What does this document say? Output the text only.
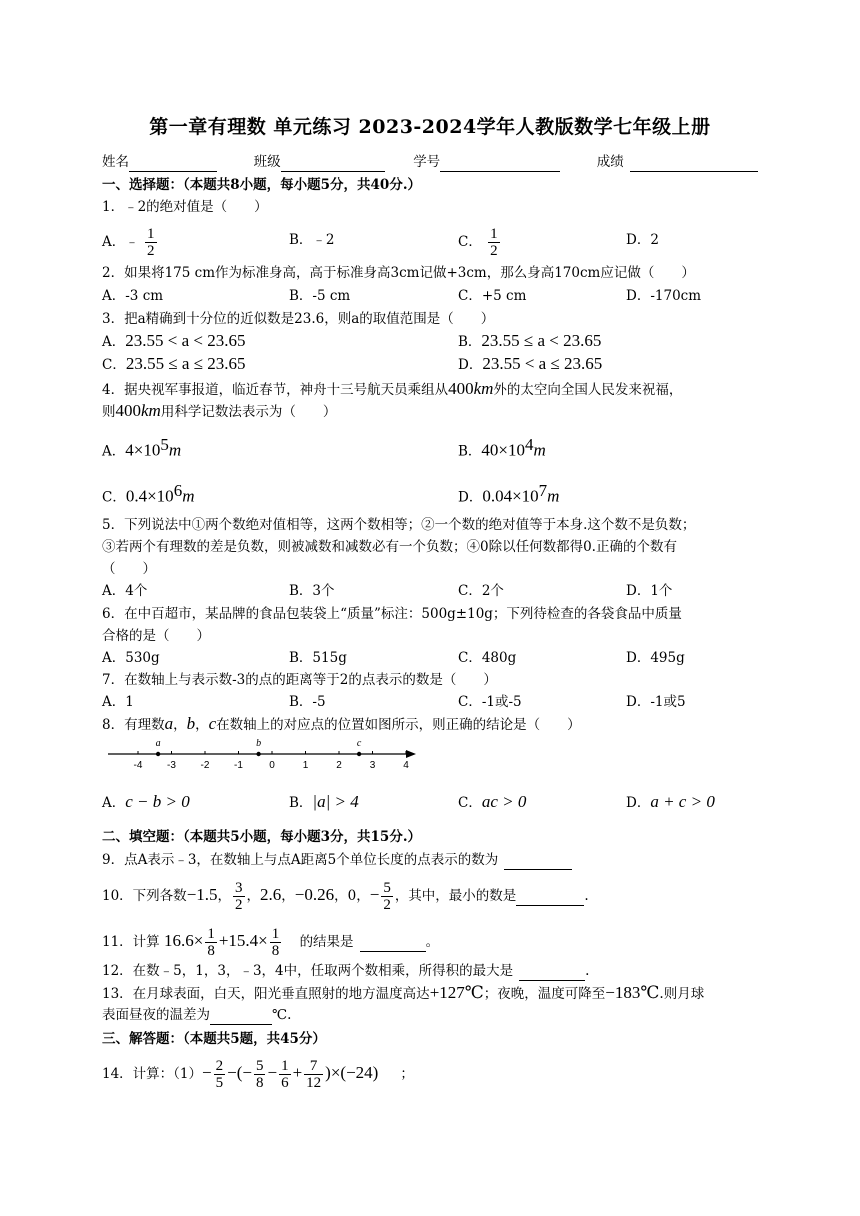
第一章有理数 单元练习 2023-2024学年人教版数学七年级上册
姓名	班级	学号	成绩
一、选择题：（本题共8小题，每小题5分，共40分.）
1．﹣2的绝对值是（　　）
A．﹣ $\frac{1}{2}$	B．﹣2	C． $\frac{1}{2}$	D．2
2．如果将175 cm作为标准身高，高于标准身高3cm记做+3cm，那么身高170cm应记做（　　）
A．-3 cm	B．-5 cm	C．+5 cm	D．-170cm
3．把a精确到十分位的近似数是23.6，则a的取值范围是（　　）
A．23.55 < a < 23.65	B．23.55 ≤ a < 23.65
C．23.55 ≤ a ≤ 23.65	D．23.55 < a ≤ 23.65
4．据央视军事报道，临近春节，神舟十三号航天员乘组从400km外的太空向全国人民发来祝福，
则400km用科学记数法表示为（　　）
A．$4\times 10^5m$	B．$40\times 10^4m$
C．$0.4\times 10^6m$	D．$0.04\times 10^7m$
5．下列说法中①两个数绝对值相等，这两个数相等；②一个数的绝对值等于本身.这个数不是负数；
③若两个有理数的差是负数，则被减数和减数必有一个负数；④0除以任何数都得0.正确的个数有
（　　）
A．4个	B．3个	C．2个	D．1个
6．在中百超市，某品牌的食品包装袋上“质量”标注：500g±10g；下列待检查的各袋食品中质量
合格的是（　　）
A．530g	B．515g	C．480g	D．495g
7．在数轴上与表示数-3的点的距离等于2的点表示的数是（　　）
A．1	B．-5	C．-1或-5	D．-1或5
8．有理数a，b，c在数轴上的对应点的位置如图所示，则正确的结论是（　　）
-4 -3 -2 -1	0	1	2	3	4
a	b	c
A．c − b > 0	B．|a| > 4	C．ac > 0	D．a + c > 0
二、填空题：（本题共5小题，每小题3分，共15分.）
9．点A表示﹣3，在数轴上与点A距离5个单位长度的点表示的数为
10．下列各数−1.5， $\frac{3}{2}$ ，2.6，−0.26，0，− $\frac{5}{2}$ ，其中，最小的数是	.
11．计算 $16.6\times \frac{1}{8} +15.4\times \frac{1}{8}$ 的结果是	。
12．在数﹣5，1，3，﹣3，4中，任取两个数相乘，所得积的最大是	.
13．在月球表面，白天，阳光垂直照射的地方温度高达+127℃；夜晚，温度可降至−183℃.则月球
表面昼夜的温差为	℃.
三、解答题：（本题共5题，共45分）
14．计算：$(1)- \frac{2}{5}$ −(− $\frac{5}{8} - \frac{1}{6} + \frac{7}{12} )\times(-24)$ ；
